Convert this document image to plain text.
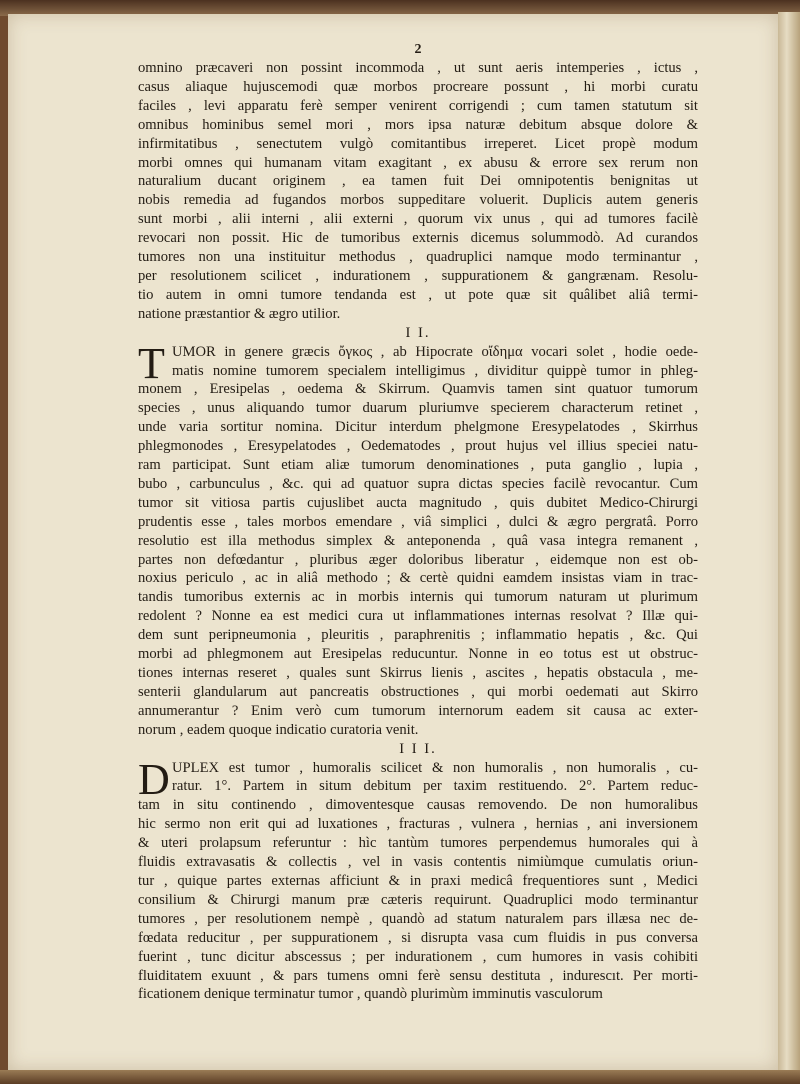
2
omnino præcaveri non possint incommoda , ut sunt aeris intemperies , ictus ,
casus aliaque hujuscemodi quæ morbos procreare possunt , hi morbi curatu
faciles , levi apparatu ferè semper venirent corrigendi ; cum tamen statutum sit
omnibus hominibus semel mori , mors ipsa naturæ debitum absque dolore &
infirmitatibus , senectutem vulgò comitantibus irreperet. Licet propè modum
morbi omnes qui humanam vitam exagitant , ex abusu & errore sex rerum non
naturalium ducant originem , ea tamen fuit Dei omnipotentis benignitas ut
nobis remedia ad fugandos morbos suppeditare voluerit. Duplicis autem generis
sunt morbi , alii interni , alii externi , quorum vix unus , qui ad tumores facilè
revocari non possit. Hic de tumoribus externis dicemus solummodò. Ad curandos
tumores non una instituitur methodus , quadruplici namque modo terminantur ,
per resolutionem scilicet , indurationem , suppurationem & gangrænam. Resolu-
tio autem in omni tumore tendanda est , ut pote quæ sit quâlibet aliâ termi-
natione præstantior & ægro utilior.
I I.
T UMOR in genere græcis ὄγκος , ab Hipocrate οἴδημα vocari solet , hodie oede-
matis nomine tumorem specialem intelligimus , dividitur quippè tumor in phleg-
monem , Eresipelas , oedema & Skirrum. Quamvis tamen sint quatuor tumorum
species , unus aliquando tumor duarum pluriumve specierem characterum retinet ,
unde varia sortitur nomina. Dicitur interdum phelgmone Eresypelatodes , Skirrhus
phlegmonodes , Eresypelatodes , Oedematodes , prout hujus vel illius speciei natu-
ram participat. Sunt etiam aliæ tumorum denominationes , puta ganglio , lupia ,
bubo , carbunculus , &c. qui ad quatuor supra dictas species facilè revocantur. Cum
tumor sit vitiosa partis cujuslibet aucta magnitudo , quis dubitet Medico-Chirurgi
prudentis esse , tales morbos emendare , viâ simplici , dulci & ægro pergratâ. Porro
resolutio est illa methodus simplex & anteponenda , quâ vasa integra remanent ,
partes non defœdantur , pluribus æger doloribus liberatur , eidemque non est ob-
noxius periculo , ac in aliâ methodo ; & certè quidni eamdem insistas viam in trac-
tandis tumoribus externis ac in morbis internis qui tumorum naturam ut plurimum
redolent ? Nonne ea est medici cura ut inflammationes internas resolvat ? Illæ qui-
dem sunt peripneumonia , pleuritis , paraphrenitis ; inflammatio hepatis , &c. Qui
morbi ad phlegmonem aut Eresipelas reducuntur. Nonne in eo totus est ut obstruc-
tiones internas reseret , quales sunt Skirrus lienis , ascites , hepatis obstacula , me-
senterii glandularum aut pancreatis obstructiones , qui morbi oedemati aut Skirro
annumerantur ? Enim verò cum tumorum internorum eadem sit causa ac exter-
norum , eadem quoque indicatio curatoria venit.
I I I.
D UPLEX est tumor , humoralis scilicet & non humoralis , non humoralis , cu-
ratur. 1°. Partem in situm debitum per taxim restituendo. 2°. Partem reduc-
tam in situ continendo , dimoventesque causas removendo. De non humoralibus
hic sermo non erit qui ad luxationes , fracturas , vulnera , hernias , ani inversionem
& uteri prolapsum referuntur : hìc tantùm tumores perpendemus humorales qui à
fluidis extravasatis & collectis , vel in vasis contentis nimiùmque cumulatis oriun-
tur , quique partes externas afficiunt & in praxi medicâ frequentiores sunt , Medici
consilium & Chirurgi manum præ cæteris requirunt. Quadruplici modo terminantur
tumores , per resolutionem nempè , quandò ad statum naturalem pars illæsa nec de-
fœdata reducitur , per suppurationem , si disrupta vasa cum fluidis in pus conversa
fuerint , tunc dicitur abscessus ; per indurationem , cum humores in vasis cohibiti
fluiditatem exuunt , & pars tumens omni ferè sensu destituta , indurescıt. Per morti-
ficationem denique terminatur tumor , quandò plurimùm imminutis vasculorum
